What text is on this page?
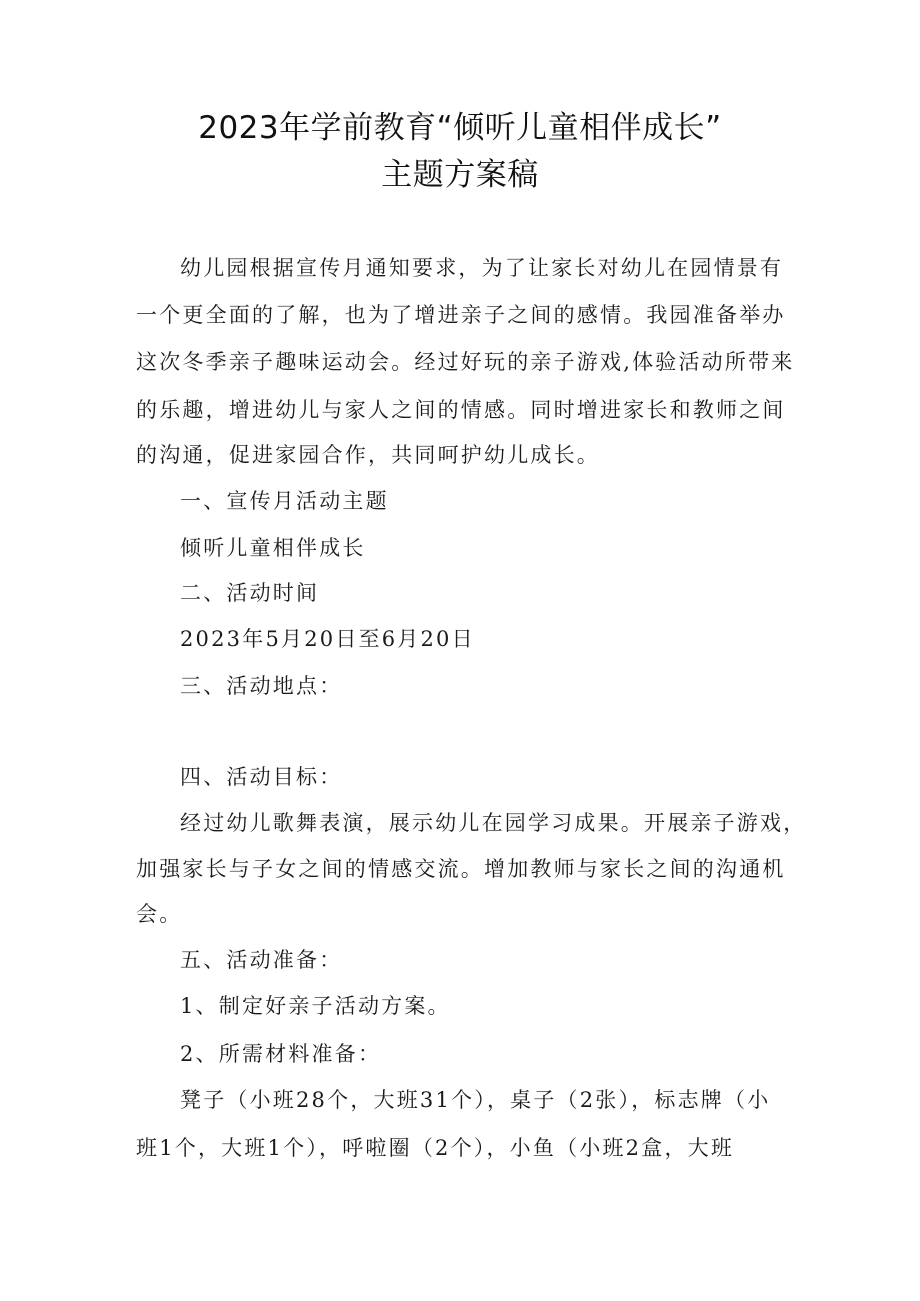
2023年学前教育“倾听儿童相伴成长”
主题方案稿
幼儿园根据宣传月通知要求，为了让家长对幼儿在园情景有
一个更全面的了解，也为了增进亲子之间的感情。我园准备举办
这次冬季亲子趣味运动会。经过好玩的亲子游戏,体验活动所带来
的乐趣，增进幼儿与家人之间的情感。同时增进家长和教师之间
的沟通，促进家园合作，共同呵护幼儿成长。
一、宣传月活动主题
倾听儿童相伴成长
二、活动时间
2023年5月20日至6月20日
三、活动地点：
四、活动目标：
经过幼儿歌舞表演，展示幼儿在园学习成果。开展亲子游戏，
加强家长与子女之间的情感交流。增加教师与家长之间的沟通机
会。
五、活动准备：
1、制定好亲子活动方案。
2、所需材料准备：
凳子（小班28个，大班31个），桌子（2张），标志牌（小
班1个，大班1个），呼啦圈（2个），小鱼（小班2盒，大班
